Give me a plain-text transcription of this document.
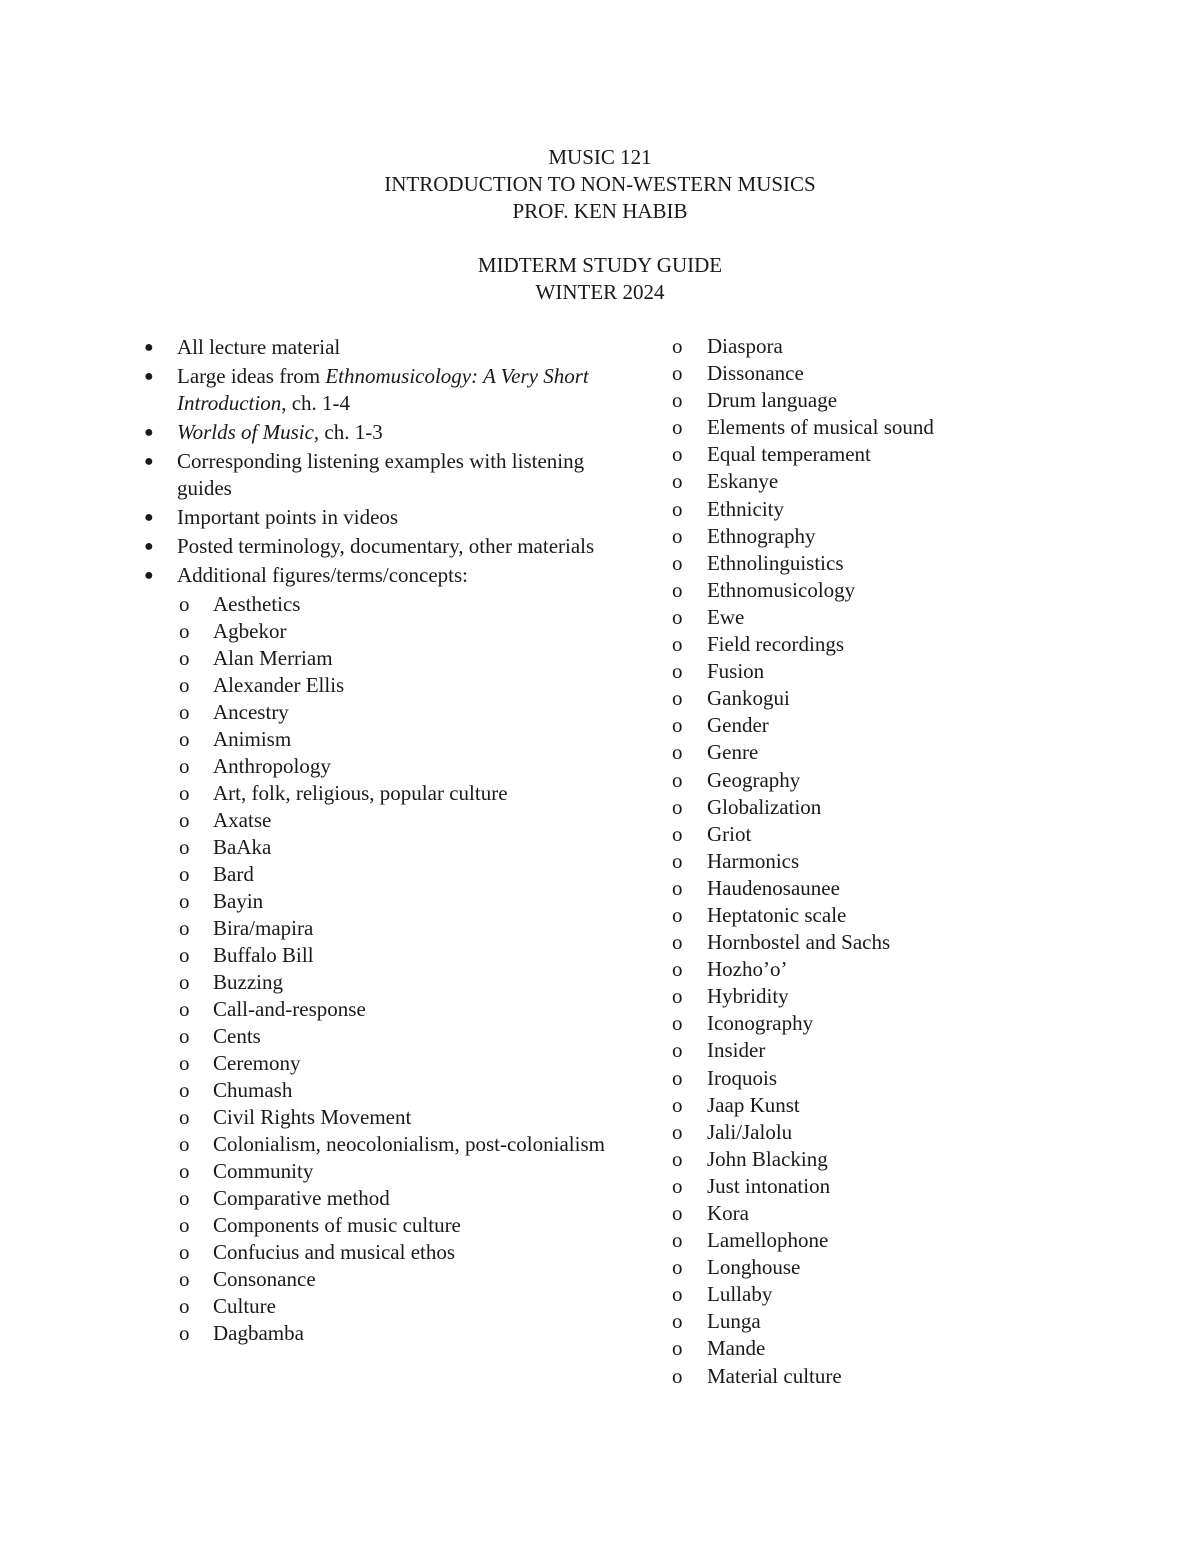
MUSIC 121
INTRODUCTION TO NON-WESTERN MUSICS
PROF. KEN HABIB
MIDTERM STUDY GUIDE
WINTER 2024
● All lecture material
● Large ideas from Ethnomusicology: A Very Short Introduction, ch. 1-4
● Worlds of Music, ch. 1-3
● Corresponding listening examples with listening guides
● Important points in videos
● Posted terminology, documentary, other materials
● Additional figures/terms/concepts:
o Aesthetics
o Agbekor
o Alan Merriam
o Alexander Ellis
o Ancestry
o Animism
o Anthropology
o Art, folk, religious, popular culture
o Axatse
o BaAka
o Bard
o Bayin
o Bira/mapira
o Buffalo Bill
o Buzzing
o Call-and-response
o Cents
o Ceremony
o Chumash
o Civil Rights Movement
o Colonialism, neocolonialism, post-colonialism
o Community
o Comparative method
o Components of music culture
o Confucius and musical ethos
o Consonance
o Culture
o Dagbamba
o Diaspora
o Dissonance
o Drum language
o Elements of musical sound
o Equal temperament
o Eskanye
o Ethnicity
o Ethnography
o Ethnolinguistics
o Ethnomusicology
o Ewe
o Field recordings
o Fusion
o Gankogui
o Gender
o Genre
o Geography
o Globalization
o Griot
o Harmonics
o Haudenosaunee
o Heptatonic scale
o Hornbostel and Sachs
o Hozho’o’
o Hybridity
o Iconography
o Insider
o Iroquois
o Jaap Kunst
o Jali/Jalolu
o John Blacking
o Just intonation
o Kora
o Lamellophone
o Longhouse
o Lullaby
o Lunga
o Mande
o Material culture
